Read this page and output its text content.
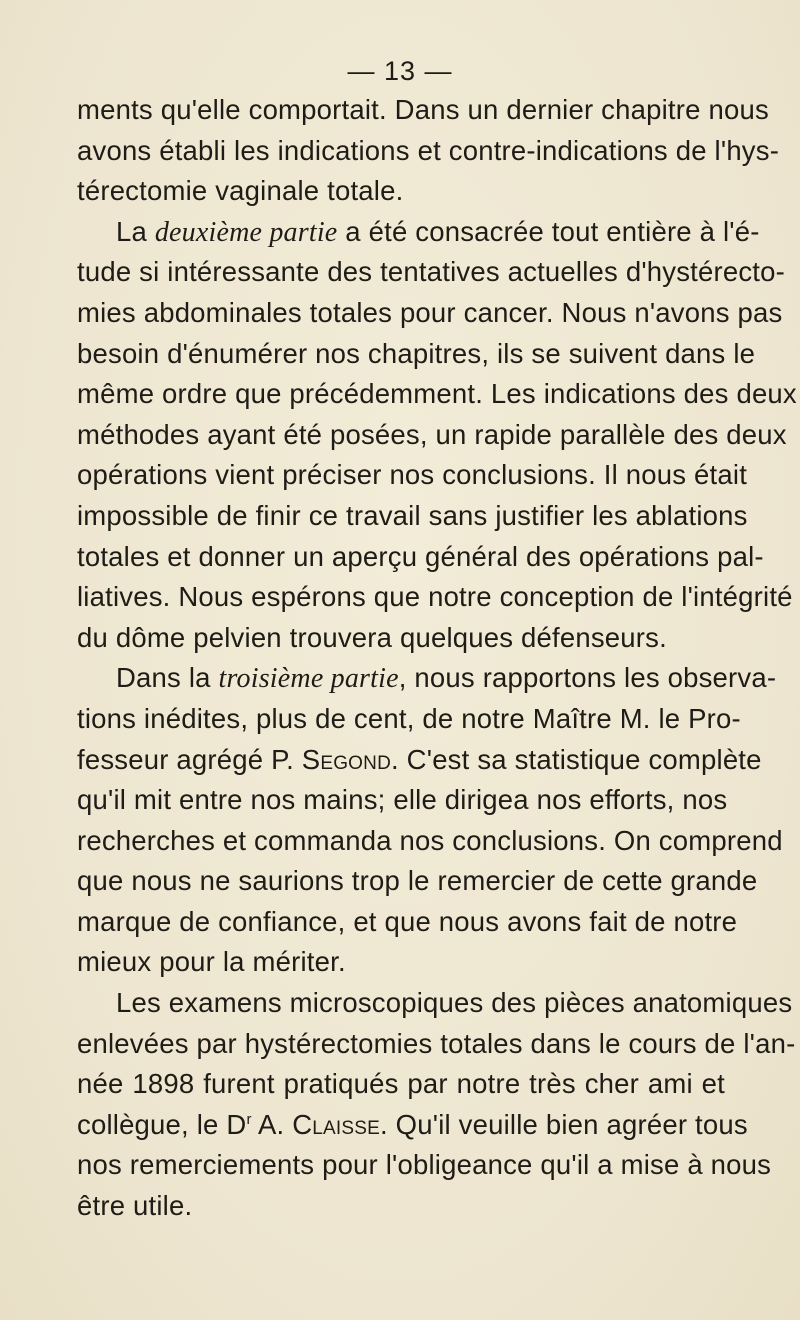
— 13 —
ments qu'elle comportait. Dans un dernier chapitre nous
avons établi les indications et contre-indications de l'hys-
térectomie vaginale totale.
La deuxième partie a été consacrée tout entière à l'é-
tude si intéressante des tentatives actuelles d'hystérecto-
mies abdominales totales pour cancer. Nous n'avons pas
besoin d'énumérer nos chapitres, ils se suivent dans le
même ordre que précédemment. Les indications des deux
méthodes ayant été posées, un rapide parallèle des deux
opérations vient préciser nos conclusions. Il nous était
impossible de finir ce travail sans justifier les ablations
totales et donner un aperçu général des opérations pal-
liatives. Nous espérons que notre conception de l'intégrité
du dôme pelvien trouvera quelques défenseurs.
Dans la troisième partie, nous rapportons les observa-
tions inédites, plus de cent, de notre Maître M. le Pro-
fesseur agrégé P. Segond. C'est sa statistique complète
qu'il mit entre nos mains; elle dirigea nos efforts, nos
recherches et commanda nos conclusions. On comprend
que nous ne saurions trop le remercier de cette grande
marque de confiance, et que nous avons fait de notre
mieux pour la mériter.
Les examens microscopiques des pièces anatomiques
enlevées par hystérectomies totales dans le cours de l'an-
née 1898 furent pratiqués par notre très cher ami et
collègue, le $D^r$ A. Claisse. Qu'il veuille bien agréer tous
nos remerciements pour l'obligeance qu'il a mise à nous
être utile.
